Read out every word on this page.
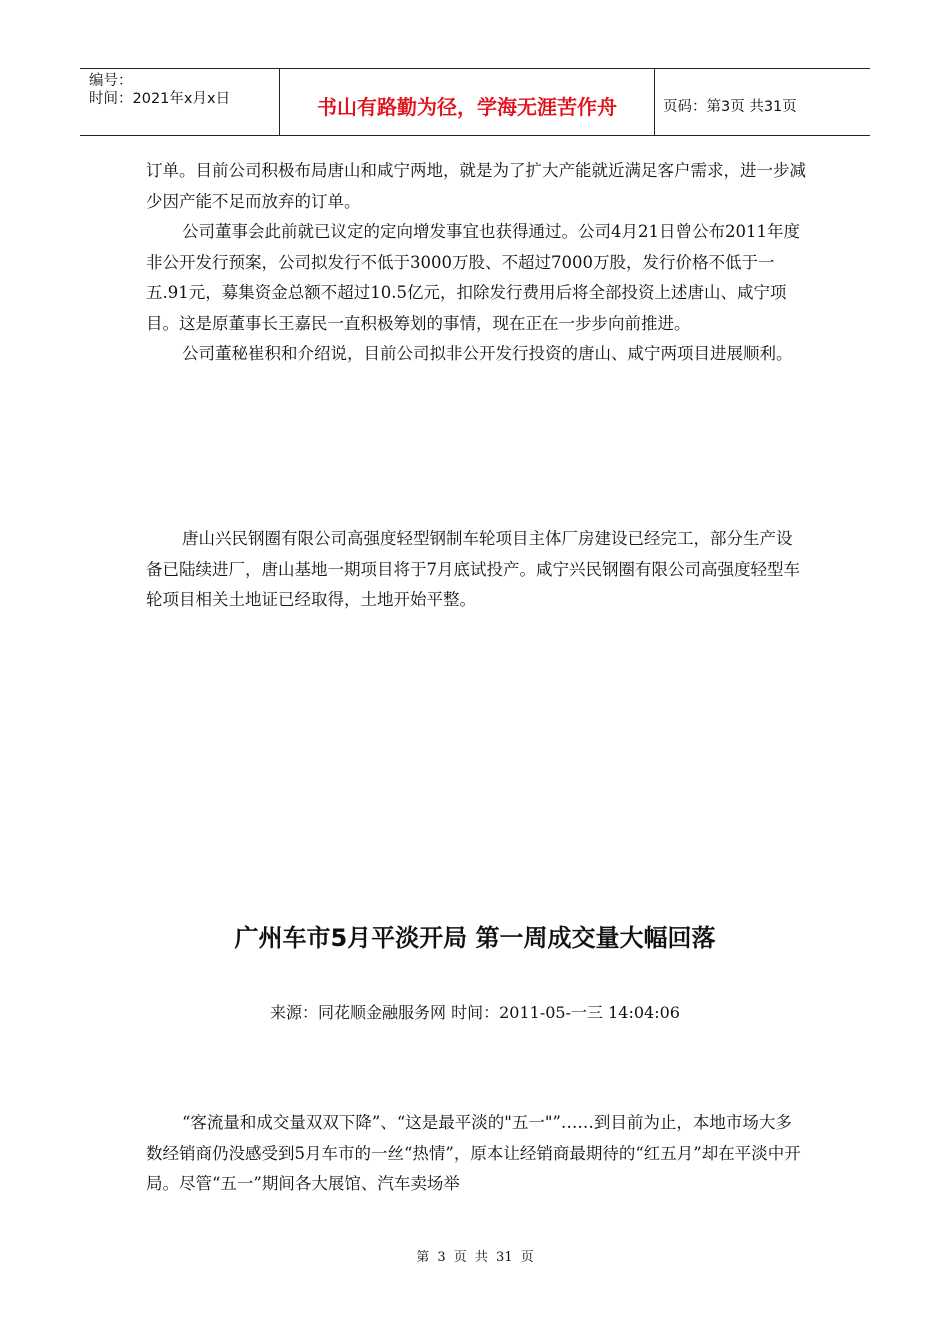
编号：
时间：2021年x月x日	书山有路勤为径，学海无涯苦作舟	页码：第3页 共31页

订单。目前公司积极布局唐山和咸宁两地，就是为了扩大产能就近满足客户需求，进一步减少因产能不足而放弃的订单。

公司董事会此前就已议定的定向增发事宜也获得通过。公司4月21日曾公布2011年度非公开发行预案，公司拟发行不低于3000万股、不超过7000万股，发行价格不低于一五.91元，募集资金总额不超过10.5亿元，扣除发行费用后将全部投资上述唐山、咸宁项目。这是原董事长王嘉民一直积极筹划的事情，现在正在一步步向前推进。

公司董秘崔积和介绍说，目前公司拟非公开发行投资的唐山、咸宁两项目进展顺利。

唐山兴民钢圈有限公司高强度轻型钢制车轮项目主体厂房建设已经完工，部分生产设备已陆续进厂，唐山基地一期项目将于7月底试投产。咸宁兴民钢圈有限公司高强度轻型车轮项目相关土地证已经取得，土地开始平整。

广州车市5月平淡开局 第一周成交量大幅回落
来源：同花顺金融服务网 时间：2011-05-一三 14:04:06

“客流量和成交量双双下降”、“这是最平淡的"五一"”……到目前为止，本地市场大多数经销商仍没感受到5月车市的一丝“热情”，原本让经销商最期待的“红五月”却在平淡中开局。尽管“五一”期间各大展馆、汽车卖场举

第 3 页 共 31 页
